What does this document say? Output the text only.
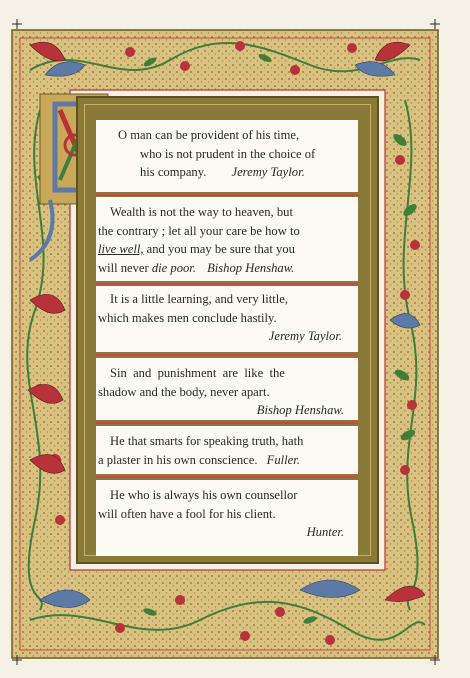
O man can be provident of his time,
who is not prudent in the choice of
his company. Jeremy Taylor.
Wealth is not the way to heaven, but
the contrary ; let all your care be how to
live well, and you may be sure that you
will never die poor. Bishop Henshaw.
It is a little learning, and very little,
which makes men conclude hastily.
Jeremy Taylor.
Sin  and  punishment  are  like  the
shadow and the body, never apart.
Bishop Henshaw.
He that smarts for speaking truth, hath
a plaster in his own conscience. Fuller.
He who is always his own counsellor
will often have a fool for his client.
Hunter.
